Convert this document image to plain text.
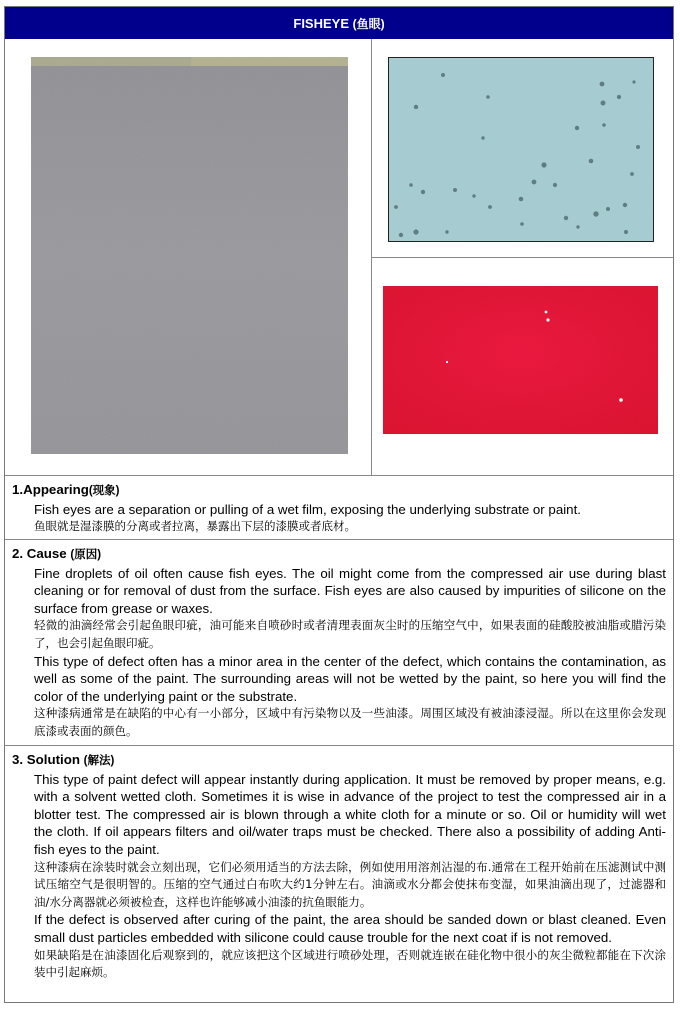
FISHEYE
(鱼眼)
1.Appearing(现象)
Fish eyes are a separation or pulling of a wet film, exposing the underlying substrate or paint.
鱼眼就是湿漆膜的分离或者拉离，暴露出下层的漆膜或者底材。
2. Cause (原因)
Fine droplets of oil often cause fish eyes. The oil might come from the compressed air use during blast cleaning or for removal of dust from the surface. Fish eyes are also caused by impurities of silicone on the surface from grease or waxes.
轻微的油滴经常会引起鱼眼印疵，油可能来自喷砂时或者清理表面灰尘时的压缩空气中，如果表面的硅酸胶被油脂或腊污染了，也会引起鱼眼印疵。
This type of defect often has a minor area in the center of the defect, which contains the contamination, as well as some of the paint. The surrounding areas will not be wetted by the paint, so here you will find the color of the underlying paint or the substrate.
这种漆病通常是在缺陷的中心有一小部分，区域中有污染物以及一些油漆。周围区域没有被油漆浸湿。所以在这里你会发现底漆或表面的颜色。
3. Solution (解法)
This type of paint defect will appear instantly during application. It must be removed by proper means, e.g. with a solvent wetted cloth. Sometimes it is wise in advance of the project to test the compressed air in a blotter test. The compressed air is blown through a white cloth for a minute or so. Oil or humidity will wet the cloth. If oil appears filters and oil/water traps must be checked. There also a possibility of adding Anti-fish eyes to the paint.
这种漆病在涂装时就会立刻出现，它们必须用适当的方法去除，例如使用用溶剂沾湿的布.通常在工程开始前在压滤测试中测试压缩空气是很明智的。压缩的空气通过白布吹大约1分钟左右。油滴或水分都会使抹布变湿，如果油滴出现了，过滤器和油/水分离器就必须被检查，这样也许能够减小油漆的抗鱼眼能力。
If the defect is observed after curing of the paint, the area should be sanded down or blast cleaned. Even small dust particles embedded with silicone could cause trouble for the next coat if is not removed.
如果缺陷是在油漆固化后观察到的，就应该把这个区域进行喷砂处理，否则就连嵌在硅化物中很小的灰尘微粒都能在下次涂装中引起麻烦。
